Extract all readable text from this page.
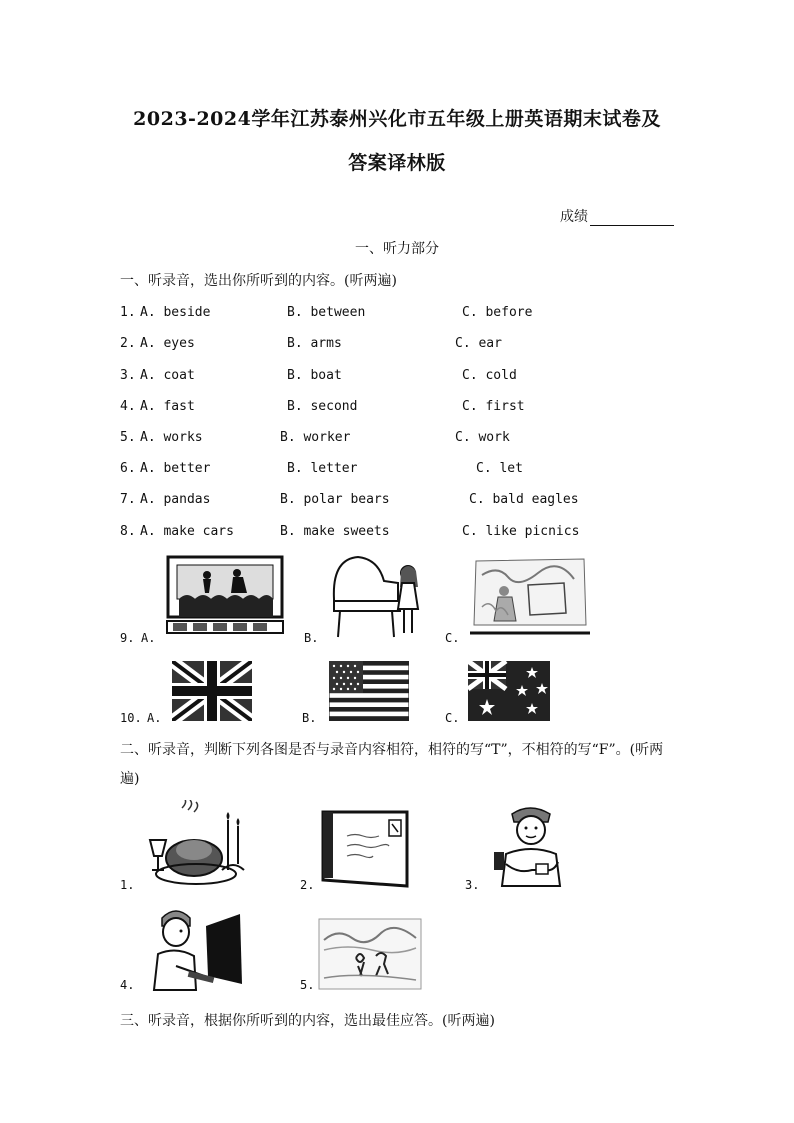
2023-2024学年江苏泰州兴化市五年级上册英语期末试卷及
答案译林版
成绩
一、听力部分
一、听录音，选出你所听到的内容。(听两遍)
1. A. beside	B. between	C. before
2. A. eyes	B. arms	C. ear
3. A. coat	B. boat	C. cold
4. A. fast	B. second	C. first
5. A. works	B. worker	C. work
6. A. better	B. letter	C. let
7. A. pandas	B. polar bears	C. bald eagles
8. A. make cars	B. make sweets	C. like picnics
9. A.	B.	C.
10. A.	B.	C.
二、听录音，判断下列各图是否与录音内容相符，相符的写“T”，不相符的写“F”。(听两
遍)
1.	2.	3.
4.	5.
三、听录音，根据你所听到的内容，选出最佳应答。(听两遍)
